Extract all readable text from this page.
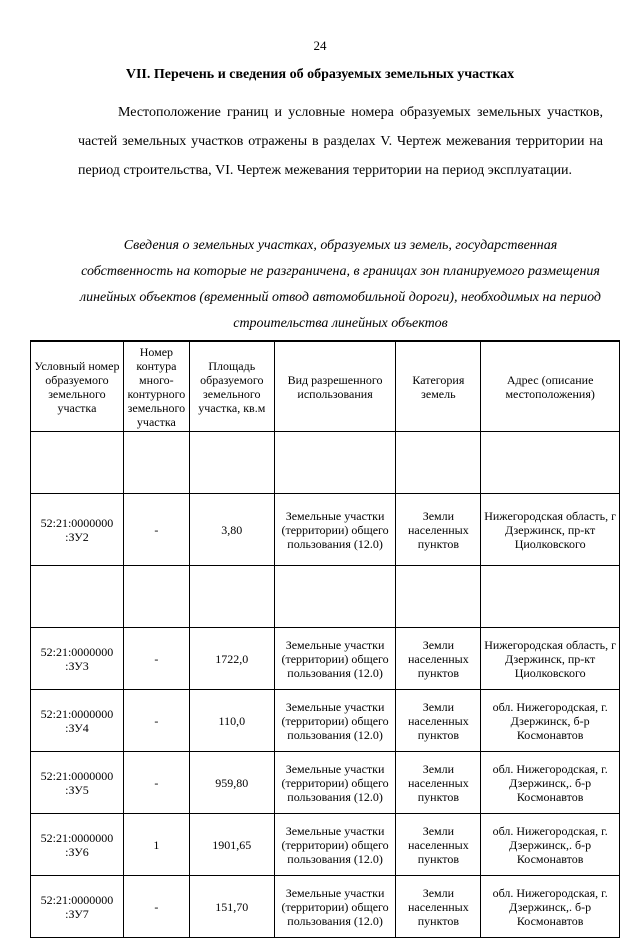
24
VII. Перечень и сведения об образуемых земельных участках
Местоположение границ и условные номера образуемых земельных участков, частей земельных участков отражены в разделах V. Чертеж межевания территории на период строительства, VI. Чертеж межевания территории на период эксплуатации.
Сведения о земельных участках, образуемых из земель, государственная собственность на которые не разграничена, в границах зон планируемого размещения линейных объектов (временный отвод автомобильной дороги), необходимых на период строительства линейных объектов
Условный номер образуемого земельного участка	Номер контура много-контурного земельного участка	Площадь образуемого земельного участка, кв.м	Вид разрешенного использования	Категория земель	Адрес (описание местоположения)

52:21:0000000 :ЗУ2	-	3,80	Земельные участки (территории) общего пользования (12.0)	Земли населенных пунктов	Нижегородская область, г Дзержинск, пр-кт Циолковского

52:21:0000000 :ЗУ3	-	1722,0	Земельные участки (территории) общего пользования (12.0)	Земли населенных пунктов	Нижегородская область, г Дзержинск, пр-кт Циолковского
52:21:0000000 :ЗУ4	-	110,0	Земельные участки (территории) общего пользования (12.0)	Земли населенных пунктов	обл. Нижегородская, г. Дзержинск, б-р Космонавтов
52:21:0000000 :ЗУ5	-	959,80	Земельные участки (территории) общего пользования (12.0)	Земли населенных пунктов	обл. Нижегородская, г. Дзержинск,. б-р Космонавтов
52:21:0000000 :ЗУ6	1	1901,65	Земельные участки (территории) общего пользования (12.0)	Земли населенных пунктов	обл. Нижегородская, г. Дзержинск,. б-р Космонавтов
52:21:0000000 :ЗУ7	-	151,70	Земельные участки (территории) общего пользования (12.0)	Земли населенных пунктов	обл. Нижегородская, г. Дзержинск,. б-р Космонавтов
